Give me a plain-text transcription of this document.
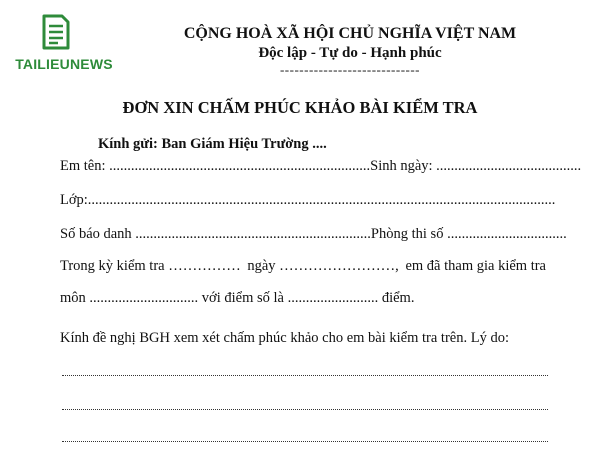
TAILIEUNEWS
CỘNG HOÀ XÃ HỘI CHỦ NGHĨA VIỆT NAM
Độc lập - Tự do - Hạnh phúc
-----------------------------
ĐƠN XIN CHẤM PHÚC KHẢO BÀI KIỂM TRA
Kính gửi: Ban Giám Hiệu Trường ....
Em tên: ........................................................................Sinh ngày: ........................................
Lớp:.................................................................................................................................
Số báo danh .................................................................Phòng thi số .................................
Trong kỳ kiểm tra …………… ngày ……………………, em đã tham gia kiểm tra
môn .............................. với điểm số là ......................... điểm.
Kính đề nghị BGH xem xét chấm phúc khảo cho em bài kiểm tra trên. Lý do:
